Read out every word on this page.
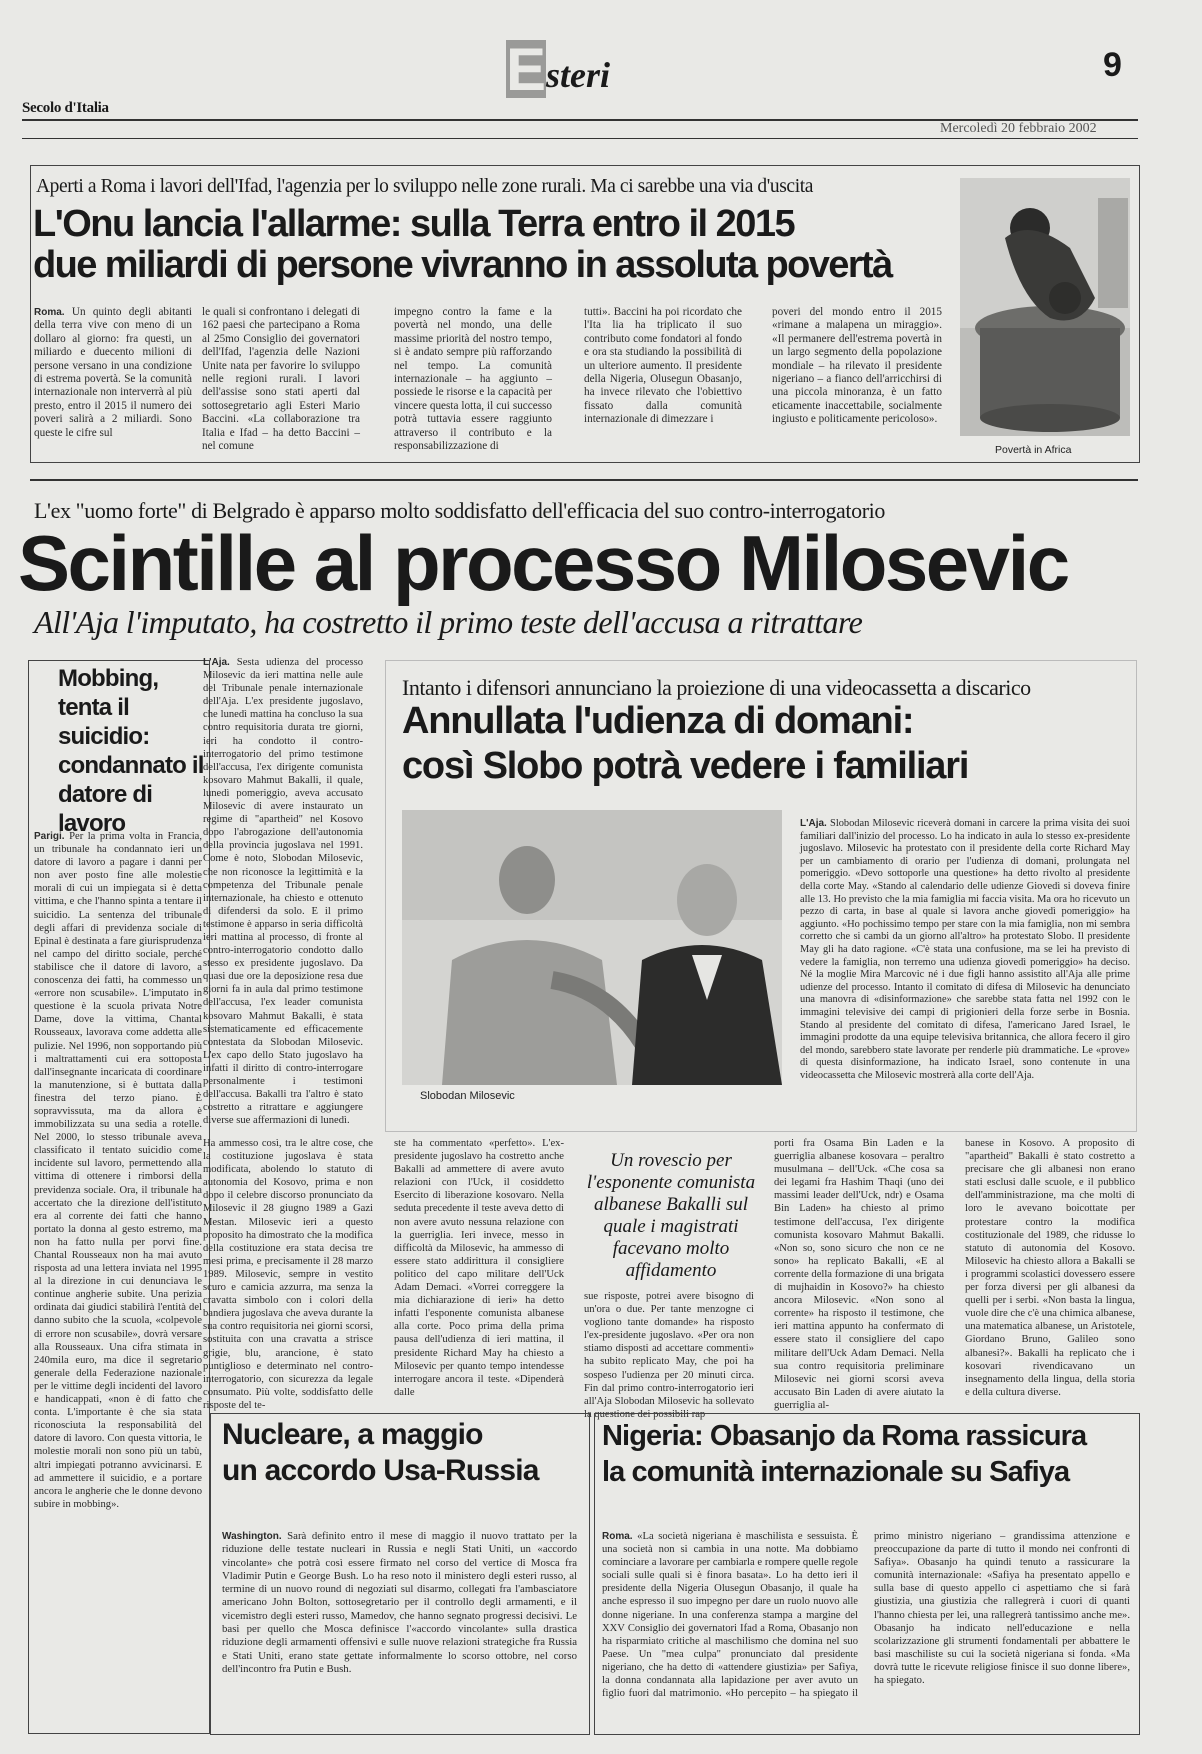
Secolo d'Italia
E steri	9
Mercoledì 20 febbraio 2002
Aperti a Roma i lavori dell'Ifad, l'agenzia per lo sviluppo nelle zone rurali. Ma ci sarebbe una via d'uscita
L'Onu lancia l'allarme: sulla Terra entro il 2015
due miliardi di persone vivranno in assoluta povertà
Roma. Un quinto degli abitanti della terra vive con meno di un dollaro al giorno: fra questi, un miliardo e duecento milioni di persone versano in una condizione di estrema povertà. Se la comunità internazionale non interverrà al più presto, entro il 2015 il numero dei poveri salirà a 2 miliardi. Sono queste le cifre sul
le quali si confrontano i delegati di 162 paesi che partecipano a Roma al 25mo Consiglio dei governatori dell'Ifad, l'agenzia delle Nazioni Unite nata per favorire lo sviluppo nelle regioni rurali. I lavori dell'assise sono stati aperti dal sottosegretario agli Esteri Mario Baccini. «La collaborazione tra Italia e Ifad – ha detto Baccini – nel comune
impegno contro la fame e la povertà nel mondo, una delle massime priorità del nostro tempo, si è andato sempre più rafforzando nel tempo. La comunità internazionale – ha aggiunto – possiede le risorse e la capacità per vincere questa lotta, il cui successo potrà tuttavia essere raggiunto attraverso il contributo e la responsabilizzazione di
tutti». Baccini ha poi ricordato che l'Ita lia ha triplicato il suo contributo come fondatori al fondo e ora sta studiando la possibilità di un ulteriore aumento. Il presidente della Nigeria, Olusegun Obasanjo, ha invece rilevato che l'obiettivo fissato dalla comunità internazionale di dimezzare i
poveri del mondo entro il 2015 «rimane a malapena un miraggio». «Il permanere dell'estrema povertà in un largo segmento della popolazione mondiale – ha rilevato il presidente nigeriano – a fianco dell'arricchirsi di una piccola minoranza, è un fatto eticamente inaccettabile, socialmente ingiusto e politicamente pericoloso».
Povertà in Africa
L'ex "uomo forte" di Belgrado è apparso molto soddisfatto dell'efficacia del suo contro-interrogatorio
Scintille al processo Milosevic
All'Aja l'imputato, ha costretto il primo teste dell'accusa a ritrattare
Mobbing, tenta il suicidio: condannato il datore di lavoro
Parigi. Per la prima volta in Francia, un tribunale ha condannato ieri un datore di lavoro a pagare i danni per non aver posto fine alle molestie morali di cui un impiegata si è detta vittima, e che l'hanno spinta a tentare il suicidio. La sentenza del tribunale degli affari di previdenza sociale di Epinal è destinata a fare giurisprudenza nel campo del diritto sociale, perché stabilisce che il datore di lavoro, a conoscenza dei fatti, ha commesso un «errore non scusabile». L'imputato in questione è la scuola privata Notre Dame, dove la vittima, Chantal Rousseaux, lavorava come addetta alle pulizie. Nel 1996, non sopportando più i maltrattamenti cui era sottoposta dall'insegnante incaricata di coordinare la manutenzione, si è buttata dalla finestra del terzo piano. È sopravvissuta, ma da allora è immobilizzata su una sedia a rotelle. Nel 2000, lo stesso tribunale aveva classificato il tentato suicidio come incidente sul lavoro, permettendo alla vittima di ottenere i rimborsi della previdenza sociale. Ora, il tribunale ha accertato che la direzione dell'istituto era al corrente dei fatti che hanno portato la donna al gesto estremo, ma non ha fatto nulla per porvi fine. Chantal Rousseaux non ha mai avuto risposta ad una lettera inviata nel 1995 al la direzione in cui denunciava le continue angherie subite. Una perizia ordinata dai giudici stabilirà l'entità del danno subito che la scuola, «colpevole di errore non scusabile», dovrà versare alla Rousseaux. Una cifra stimata in 240mila euro, ma dice il segretario generale della Federazione nazionale per le vittime degli incidenti del lavoro e handicappati, «non è di fatto che conta. L'importante è che sia stata riconosciuta la responsabilità del datore di lavoro. Con questa vittoria, le molestie morali non sono più un tabù, altri impiegati potranno avvicinarsi. E ad ammettere il suicidio, e a portare ancora le angherie che le donne devono subire in mobbing».
L'Aja. Sesta udienza del processo Milosevic da ieri mattina nelle aule del Tribunale penale internazionale dell'Aja. L'ex presidente jugoslavo, che lunedì mattina ha concluso la sua contro requisitoria durata tre giorni, ieri ha condotto il contro-interrogatorio del primo testimone dell'accusa, l'ex dirigente comunista kosovaro Mahmut Bakalli, il quale, lunedì pomeriggio, aveva accusato Milosevic di avere instaurato un regime di "apartheid" nel Kosovo dopo l'abrogazione dell'autonomia della provincia jugoslava nel 1991. Come è noto, Slobodan Milosevic, che non riconosce la legittimità e la competenza del Tribunale penale internazionale, ha chiesto e ottenuto di difendersi da solo. E il primo testimone è apparso in seria difficoltà ieri mattina al processo, di fronte al contro-interrogatorio condotto dallo stesso ex presidente jugoslavo. Da quasi due ore la deposizione resa due giorni fa in aula dal primo testimone dell'accusa, l'ex leader comunista kosovaro Mahmut Bakalli, è stata sistematicamente ed efficacemente contestata da Slobodan Milosevic. L'ex capo dello Stato jugoslavo ha infatti il diritto di contro-interrogare personalmente i testimoni dell'accusa. Bakalli tra l'altro è stato costretto a ritrattare e aggiungere diverse sue affermazioni di lunedì.
Intanto i difensori annunciano la proiezione di una videocassetta a discarico
Annullata l'udienza di domani:
così Slobo potrà vedere i familiari
Slobodan Milosevic
L'Aja. Slobodan Milosevic riceverà domani in carcere la prima visita dei suoi familiari dall'inizio del processo. Lo ha indicato in aula lo stesso ex-presidente jugoslavo. Milosevic ha protestato con il presidente della corte Richard May per un cambiamento di orario per l'udienza di domani, prolungata nel pomeriggio. «Devo sottoporle una questione» ha detto rivolto al presidente della corte May. «Stando al calendario delle udienze Giovedì si doveva finire alle 13. Ho previsto che la mia famiglia mi faccia visita. Ma ora ho ricevuto un pezzo di carta, in base al quale si lavora anche giovedì pomeriggio» ha aggiunto. «Ho pochissimo tempo per stare con la mia famiglia, non mi sembra corretto che si cambi da un giorno all'altro» ha protestato Slobo. Il presidente May gli ha dato ragione. «C'è stata una confusione, ma se lei ha previsto di vedere la famiglia, non terremo una udienza giovedì pomeriggio» ha deciso. Né la moglie Mira Marcovic né i due figli hanno assistito all'Aja alle prime udienze del processo. Intanto il comitato di difesa di Milosevic ha denunciato una manovra di «disinformazione» che sarebbe stata fatta nel 1992 con le immagini televisive dei campi di prigionieri della forze serbe in Bosnia. Stando al presidente del comitato di difesa, l'americano Jared Israel, le immagini prodotte da una equipe televisiva britannica, che allora fecero il giro del mondo, sarebbero state lavorate per renderle più drammatiche. Le «prove» di questa disinformazione, ha indicato Israel, sono contenute in una videocassetta che Milosevic mostrerà alla corte dell'Aja.
Ha ammesso così, tra le altre cose, che la costituzione jugoslava è stata modificata, abolendo lo statuto di autonomia del Kosovo, prima e non dopo il celebre discorso pronunciato da Milosevic il 28 giugno 1989 a Gazi Mestan. Milosevic ieri a questo proposito ha dimostrato che la modifica della costituzione era stata decisa tre mesi prima, e precisamente il 28 marzo 1989. Milosevic, sempre in vestito scuro e camicia azzurra, ma senza la cravatta simbolo con i colori della bandiera jugoslava che aveva durante la sua contro requisitoria nei giorni scorsi, sostituita con una cravatta a strisce grigie, blu, arancione, è stato puntiglioso e determinato nel contro-interrogatorio, con sicurezza da legale consumato. Più volte, soddisfatto delle risposte del te-
ste ha commentato «perfetto». L'ex-presidente jugoslavo ha costretto anche Bakalli ad ammettere di avere avuto relazioni con l'Uck, il cosiddetto Esercito di liberazione kosovaro. Nella seduta precedente il teste aveva detto di non avere avuto nessuna relazione con la guerriglia. Ieri invece, messo in difficoltà da Milosevic, ha ammesso di essere stato addirittura il consigliere politico del capo militare dell'Uck Adam Demaci. «Vorrei correggere la mia dichiarazione di ieri» ha detto infatti l'esponente comunista albanese alla corte. Poco prima della prima pausa dell'udienza di ieri mattina, il presidente Richard May ha chiesto a Milosevic per quanto tempo intendesse interrogare ancora il teste. «Dipenderà dalle
Un rovescio per l'esponente comunista albanese Bakalli sul quale i magistrati facevano molto affidamento
sue risposte, potrei avere bisogno di un'ora o due. Per tante menzogne ci vogliono tante domande» ha risposto l'ex-presidente jugoslavo. «Per ora non stiamo disposti ad accettare commenti» ha subito replicato May, che poi ha sospeso l'udienza per 20 minuti circa. Fin dal primo contro-interrogatorio ieri all'Aja Slobodan Milosevic ha sollevato la questione dei possibili rap
porti fra Osama Bin Laden e la guerriglia albanese kosovara – peraltro musulmana – dell'Uck. «Che cosa sa dei legami fra Hashim Thaqi (uno dei massimi leader dell'Uck, ndr) e Osama Bin Laden» ha chiesto al primo testimone dell'accusa, l'ex dirigente comunista kosovaro Mahmut Bakalli. «Non so, sono sicuro che non ce ne sono» ha replicato Bakalli, «E al corrente della formazione di una brigata di mujhaidin in Kosovo?» ha chiesto ancora Milosevic. «Non sono al corrente» ha risposto il testimone, che ieri mattina appunto ha confermato di essere stato il consigliere del capo militare dell'Uck Adam Demaci. Nella sua contro requisitoria preliminare Milosevic nei giorni scorsi aveva accusato Bin Laden di avere aiutato la guerriglia al-
banese in Kosovo. A proposito di "apartheid" Bakalli è stato costretto a precisare che gli albanesi non erano stati esclusi dalle scuole, e il pubblico dell'amministrazione, ma che molti di loro le avevano boicottate per protestare contro la modifica costituzionale del 1989, che ridusse lo statuto di autonomia del Kosovo. Milosevic ha chiesto allora a Bakalli se i programmi scolastici dovessero essere per forza diversi per gli albanesi da quelli per i serbi. «Non basta la lingua, vuole dire che c'è una chimica albanese, una matematica albanese, un Aristotele, Giordano Bruno, Galileo sono albanesi?». Bakalli ha replicato che i kosovari rivendicavano un insegnamento della lingua, della storia e della cultura diverse.
Nucleare, a maggio
un accordo Usa-Russia
Washington. Sarà definito entro il mese di maggio il nuovo trattato per la riduzione delle testate nucleari in Russia e negli Stati Uniti, un «accordo vincolante» che potrà così essere firmato nel corso del vertice di Mosca fra Vladimir Putin e George Bush. Lo ha reso noto il ministero degli esteri russo, al termine di un nuovo round di negoziati sul disarmo, collegati fra l'ambasciatore americano John Bolton, sottosegretario per il controllo degli armamenti, e il vicemistro degli esteri russo, Mamedov, che hanno segnato progressi decisivi. Le basi per quello che Mosca definisce l'«accordo vincolante» sulla drastica riduzione degli armamenti offensivi e sulle nuove relazioni strategiche fra Russia e Stati Uniti, erano state gettate informalmente lo scorso ottobre, nel corso dell'incontro fra Putin e Bush.
Nigeria: Obasanjo da Roma rassicura
la comunità internazionale su Safiya
Roma. «La società nigeriana è maschilista e sessuista. È una società non si cambia in una notte. Ma dobbiamo cominciare a lavorare per cambiarla e rompere quelle regole sociali sulle quali si è finora basata». Lo ha detto ieri il presidente della Nigeria Olusegun Obasanjo, il quale ha anche espresso il suo impegno per dare un ruolo nuovo alle donne nigeriane. In una conferenza stampa a margine del XXV Consiglio dei governatori Ifad a Roma, Obasanjo non ha risparmiato critiche al maschilismo che domina nel suo Paese. Un "mea culpa" pronunciato dal presidente nigeriano, che ha detto di «attendere giustizia» per Safiya, la donna condannata alla lapidazione per aver avuto un figlio fuori dal matrimonio. «Ho percepito – ha spiegato il primo ministro nigeriano – grandissima attenzione e preoccupazione da parte di tutto il mondo nei confronti di Safiya». Obasanjo ha quindi tenuto a rassicurare la comunità internazionale: «Safiya ha presentato appello e sulla base di questo appello ci aspettiamo che si farà giustizia, una giustizia che rallegrerà i cuori di quanti l'hanno chiesta per lei, una rallegrerà tantissimo anche me». Obasanjo ha indicato nell'educazione e nella scolarizzazione gli strumenti fondamentali per abbattere le basi maschiliste su cui la società nigeriana si fonda. «Ma dovrà tutte le ricevute religiose finisce il suo donne libere», ha spiegato.
